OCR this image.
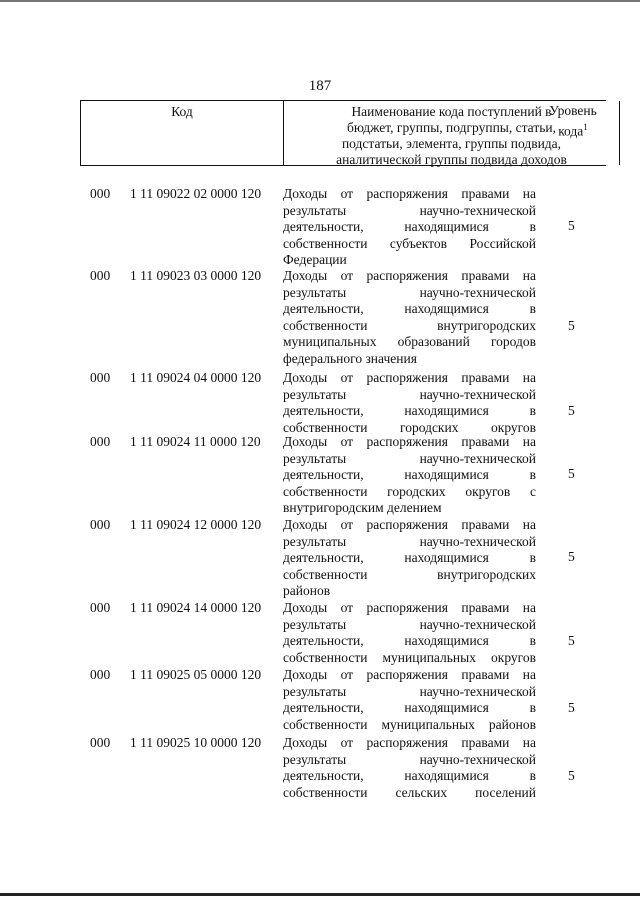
187
Код	Наименование кода поступлений в
бюджет, группы, подгруппы, статьи,
подстатьи, элемента, группы подвида,
аналитической группы подвида доходов
Уровень
кода$^1$
000 1 11 09022 02 0000 120 Доходы от распоряжения правами на
результаты научно-технической
деятельности, находящимися в
собственности субъектов Российской
Федерации
5
000 1 11 09023 03 0000 120 Доходы от распоряжения правами на
результаты научно-технической
деятельности, находящимися в
собственности внутригородских
муниципальных образований городов
федерального значения
5
000 1 11 09024 04 0000 120 Доходы от распоряжения правами на
результаты научно-технической
деятельности, находящимися в
собственности городских округов
5
000 1 11 09024 11 0000 120 Доходы от распоряжения правами на
результаты научно-технической
деятельности, находящимися в
собственности городских округов с
внутригородским делением
5
000 1 11 09024 12 0000 120 Доходы от распоряжения правами на
результаты научно-технической
деятельности, находящимися в
собственности внутригородских
районов
5
000 1 11 09024 14 0000 120 Доходы от распоряжения правами на
результаты научно-технической
деятельности, находящимися в
собственности муниципальных округов
5
000 1 11 09025 05 0000 120 Доходы от распоряжения правами на
результаты научно-технической
деятельности, находящимися в
собственности муниципальных районов
5
000 1 11 09025 10 0000 120 Доходы от распоряжения правами на
результаты научно-технической
деятельности, находящимися в
собственности сельских поселений
5
